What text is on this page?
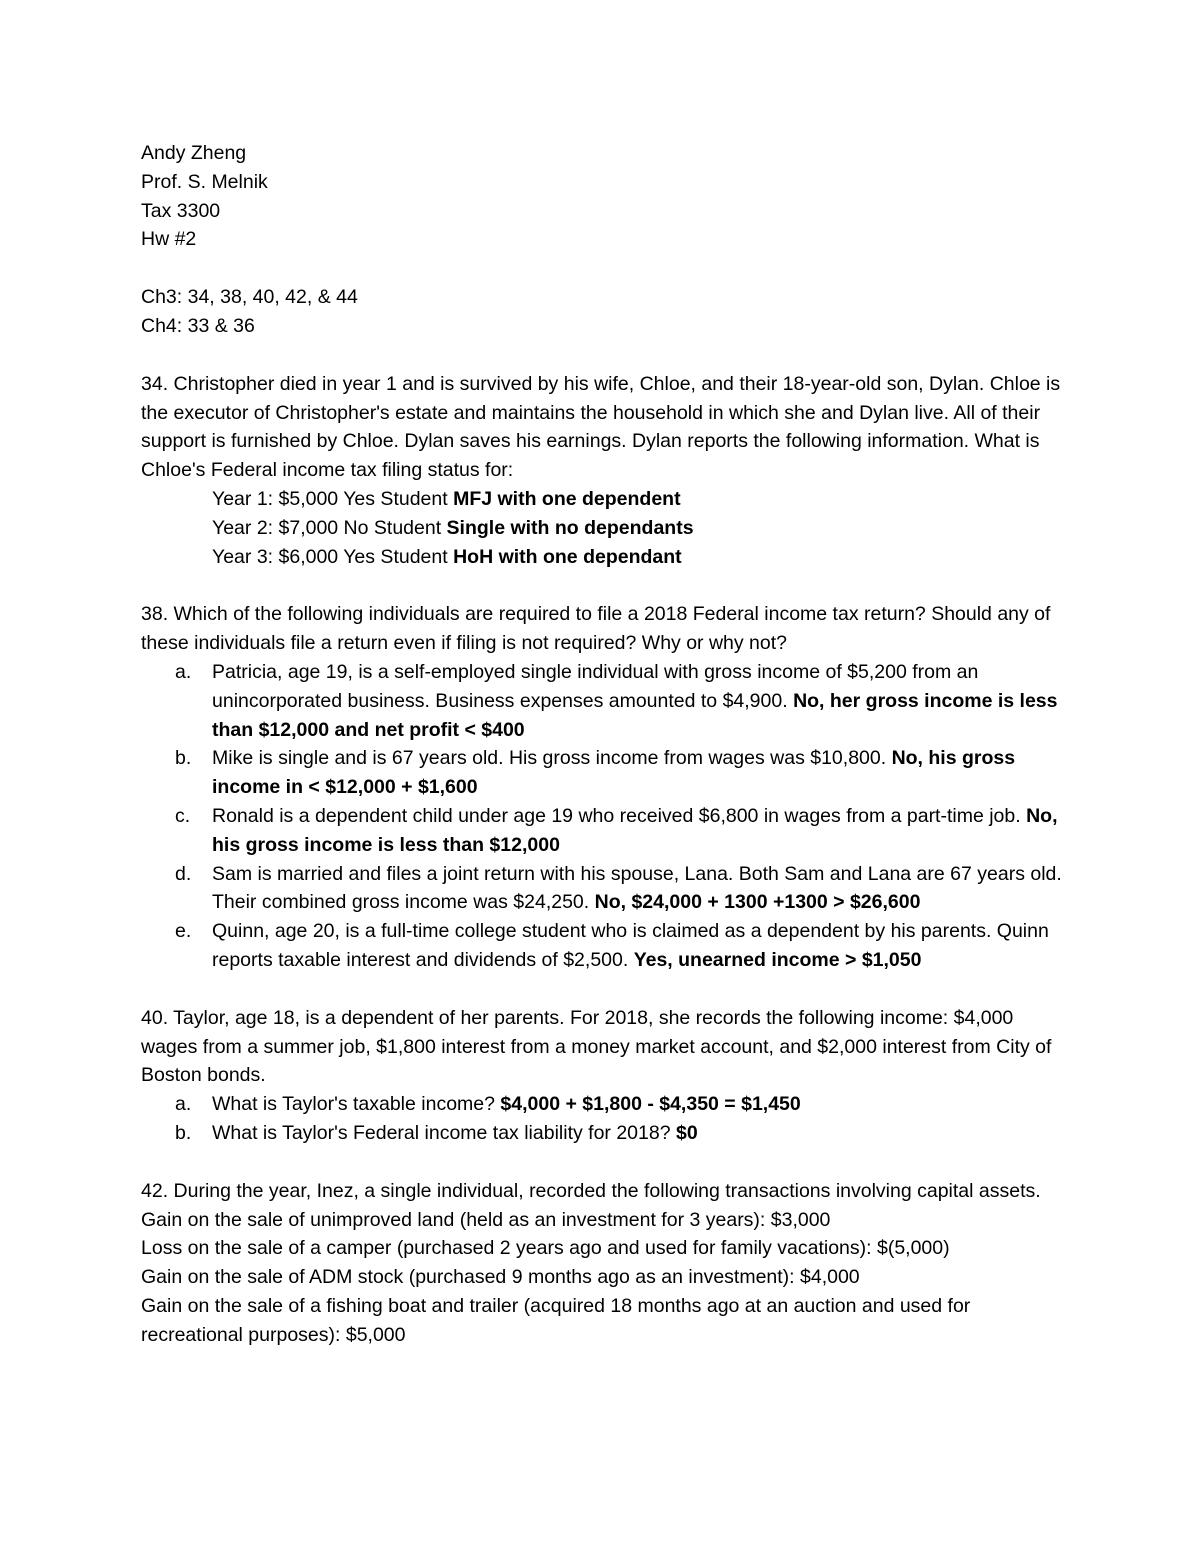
Andy Zheng

Prof. S. Melnik

Tax 3300

Hw #2

Ch3: 34, 38, 40, 42, & 44

Ch4: 33 & 36

34. Christopher died in year 1 and is survived by his wife, Chloe, and their 18-year-old son, Dylan. Chloe is the executor of Christopher's estate and maintains the household in which she and Dylan live. All of their support is furnished by Chloe. Dylan saves his earnings. Dylan reports the following information. What is Chloe's Federal income tax filing status for:

Year 1: $5,000 Yes Student MFJ with one dependent

Year 2: $7,000 No Student Single with no dependants

Year 3: $6,000 Yes Student HoH with one dependant

38. Which of the following individuals are required to file a 2018 Federal income tax return? Should any of these individuals file a return even if filing is not required? Why or why not?

a. Patricia, age 19, is a self-employed single individual with gross income of $5,200 from an unincorporated business. Business expenses amounted to $4,900. No, her gross income is less than $12,000 and net profit < $400
b. Mike is single and is 67 years old. His gross income from wages was $10,800. No, his gross income in < $12,000 + $1,600
c. Ronald is a dependent child under age 19 who received $6,800 in wages from a part-time job. No, his gross income is less than $12,000
d. Sam is married and files a joint return with his spouse, Lana. Both Sam and Lana are 67 years old. Their combined gross income was $24,250. No, $24,000 + 1300 +1300 > $26,600
e. Quinn, age 20, is a full-time college student who is claimed as a dependent by his parents. Quinn reports taxable interest and dividends of $2,500. Yes, unearned income > $1,050

40. Taylor, age 18, is a dependent of her parents. For 2018, she records the following income: $4,000 wages from a summer job, $1,800 interest from a money market account, and $2,000 interest from City of Boston bonds.

a. What is Taylor's taxable income? $4,000 + $1,800 - $4,350 = $1,450
b. What is Taylor's Federal income tax liability for 2018? $0

42. During the year, Inez, a single individual, recorded the following transactions involving capital assets.

Gain on the sale of unimproved land (held as an investment for 3 years): $3,000

Loss on the sale of a camper (purchased 2 years ago and used for family vacations): $(5,000)

Gain on the sale of ADM stock (purchased 9 months ago as an investment): $4,000

Gain on the sale of a fishing boat and trailer (acquired 18 months ago at an auction and used for recreational purposes): $5,000
